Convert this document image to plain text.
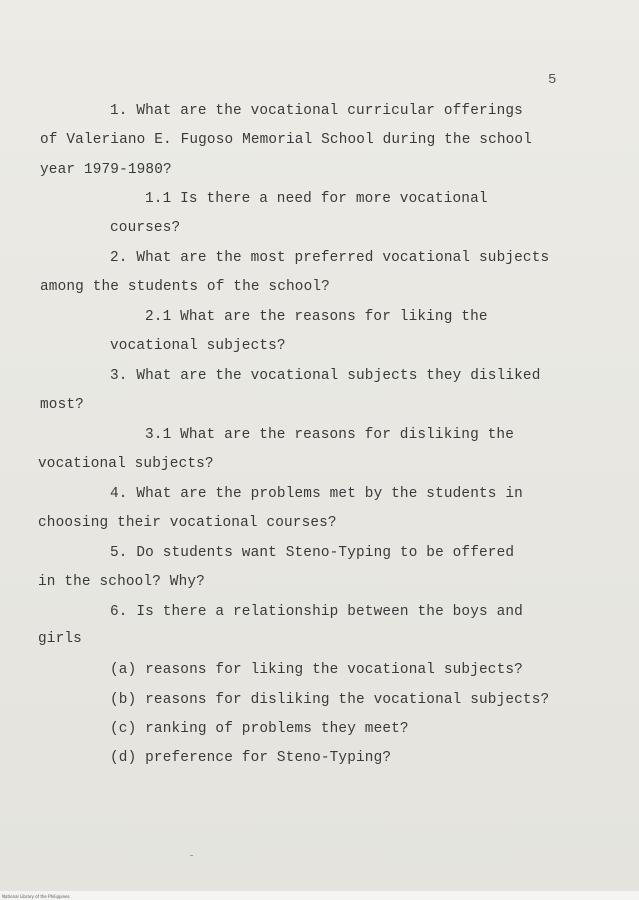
5
1. What are the vocational curricular offerings
of Valeriano E. Fugoso Memorial School during the school
year 1979-1980?
1.1 Is there a need for more vocational
courses?
2. What are the most preferred vocational subjects
among the students of the school?
2.1 What are the reasons for liking the
vocational subjects?
3. What are the vocational subjects they disliked
most?
3.1 What are the reasons for disliking the
vocational subjects?
4. What are the problems met by the students in
choosing their vocational courses?
5. Do students want Steno-Typing to be offered
in the school? Why?
6. Is there a relationship between the boys and
girls
(a) reasons for liking the vocational subjects?
(b) reasons for disliking the vocational subjects?
(c) ranking of problems they meet?
(d) preference for Steno-Typing?
National Library of the Philippines
